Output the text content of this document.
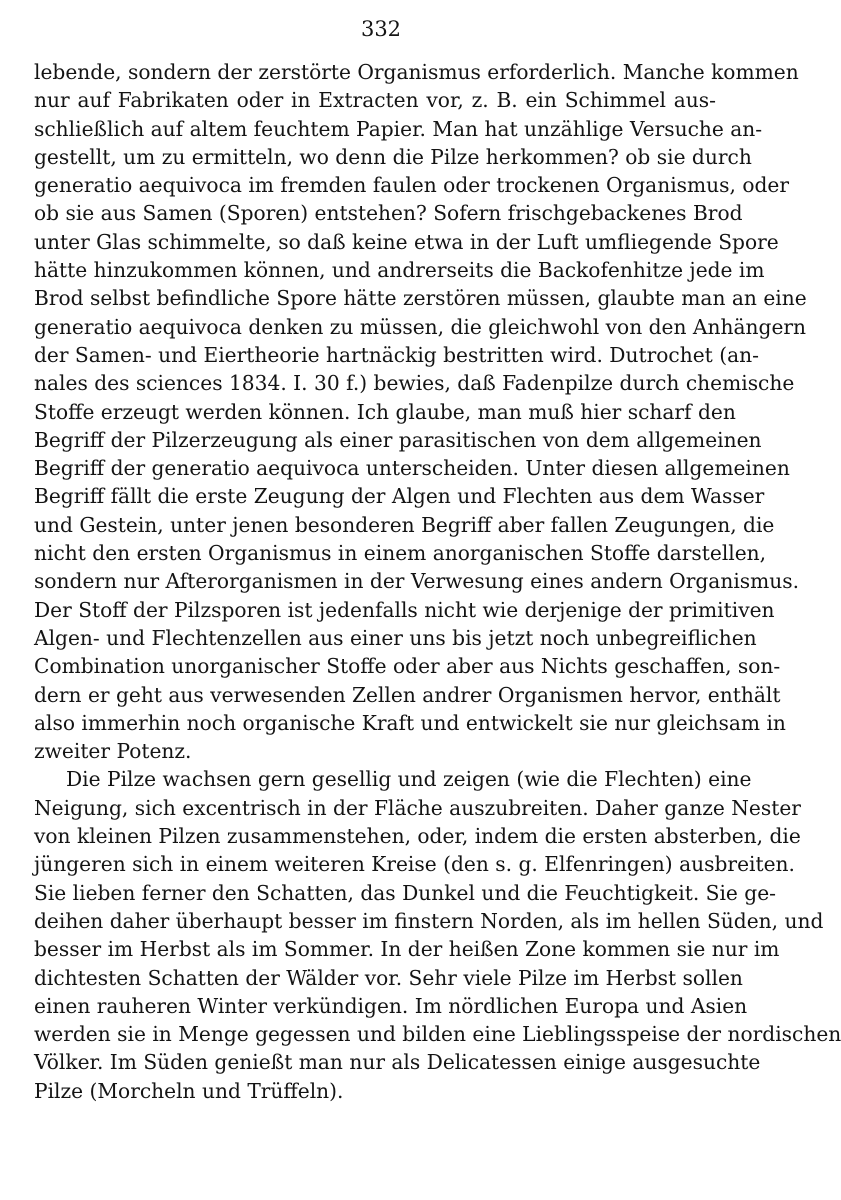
332
lebende, sondern der zerstörte Organismus erforderlich. Manche kommen
nur auf Fabrikaten oder in Extracten vor, z. B. ein Schimmel aus-
schließlich auf altem feuchtem Papier. Man hat unzählige Versuche an-
gestellt, um zu ermitteln, wo denn die Pilze herkommen? ob sie durch
generatio aequivoca im fremden faulen oder trockenen Organismus, oder
ob sie aus Samen (Sporen) entstehen? Sofern frischgebackenes Brod
unter Glas schimmelte, so daß keine etwa in der Luft umfliegende Spore
hätte hinzukommen können, und andrerseits die Backofenhitze jede im
Brod selbst befindliche Spore hätte zerstören müssen, glaubte man an eine
generatio aequivoca denken zu müssen, die gleichwohl von den Anhängern
der Samen- und Eiertheorie hartnäckig bestritten wird. Dutrochet (an-
nales des sciences 1834. I. 30 f.) bewies, daß Fadenpilze durch chemische
Stoffe erzeugt werden können. Ich glaube, man muß hier scharf den
Begriff der Pilzerzeugung als einer parasitischen von dem allgemeinen
Begriff der generatio aequivoca unterscheiden. Unter diesen allgemeinen
Begriff fällt die erste Zeugung der Algen und Flechten aus dem Wasser
und Gestein, unter jenen besonderen Begriff aber fallen Zeugungen, die
nicht den ersten Organismus in einem anorganischen Stoffe darstellen,
sondern nur Afterorganismen in der Verwesung eines andern Organismus.
Der Stoff der Pilzsporen ist jedenfalls nicht wie derjenige der primitiven
Algen- und Flechtenzellen aus einer uns bis jetzt noch unbegreiflichen
Combination unorganischer Stoffe oder aber aus Nichts geschaffen, son-
dern er geht aus verwesenden Zellen andrer Organismen hervor, enthält
also immerhin noch organische Kraft und entwickelt sie nur gleichsam in
zweiter Potenz.
Die Pilze wachsen gern gesellig und zeigen (wie die Flechten) eine
Neigung, sich excentrisch in der Fläche auszubreiten. Daher ganze Nester
von kleinen Pilzen zusammenstehen, oder, indem die ersten absterben, die
jüngeren sich in einem weiteren Kreise (den s. g. Elfenringen) ausbreiten.
Sie lieben ferner den Schatten, das Dunkel und die Feuchtigkeit. Sie ge-
deihen daher überhaupt besser im finstern Norden, als im hellen Süden, und
besser im Herbst als im Sommer. In der heißen Zone kommen sie nur im
dichtesten Schatten der Wälder vor. Sehr viele Pilze im Herbst sollen
einen rauheren Winter verkündigen. Im nördlichen Europa und Asien
werden sie in Menge gegessen und bilden eine Lieblingsspeise der nordischen
Völker. Im Süden genießt man nur als Delicatessen einige ausgesuchte
Pilze (Morcheln und Trüffeln).
